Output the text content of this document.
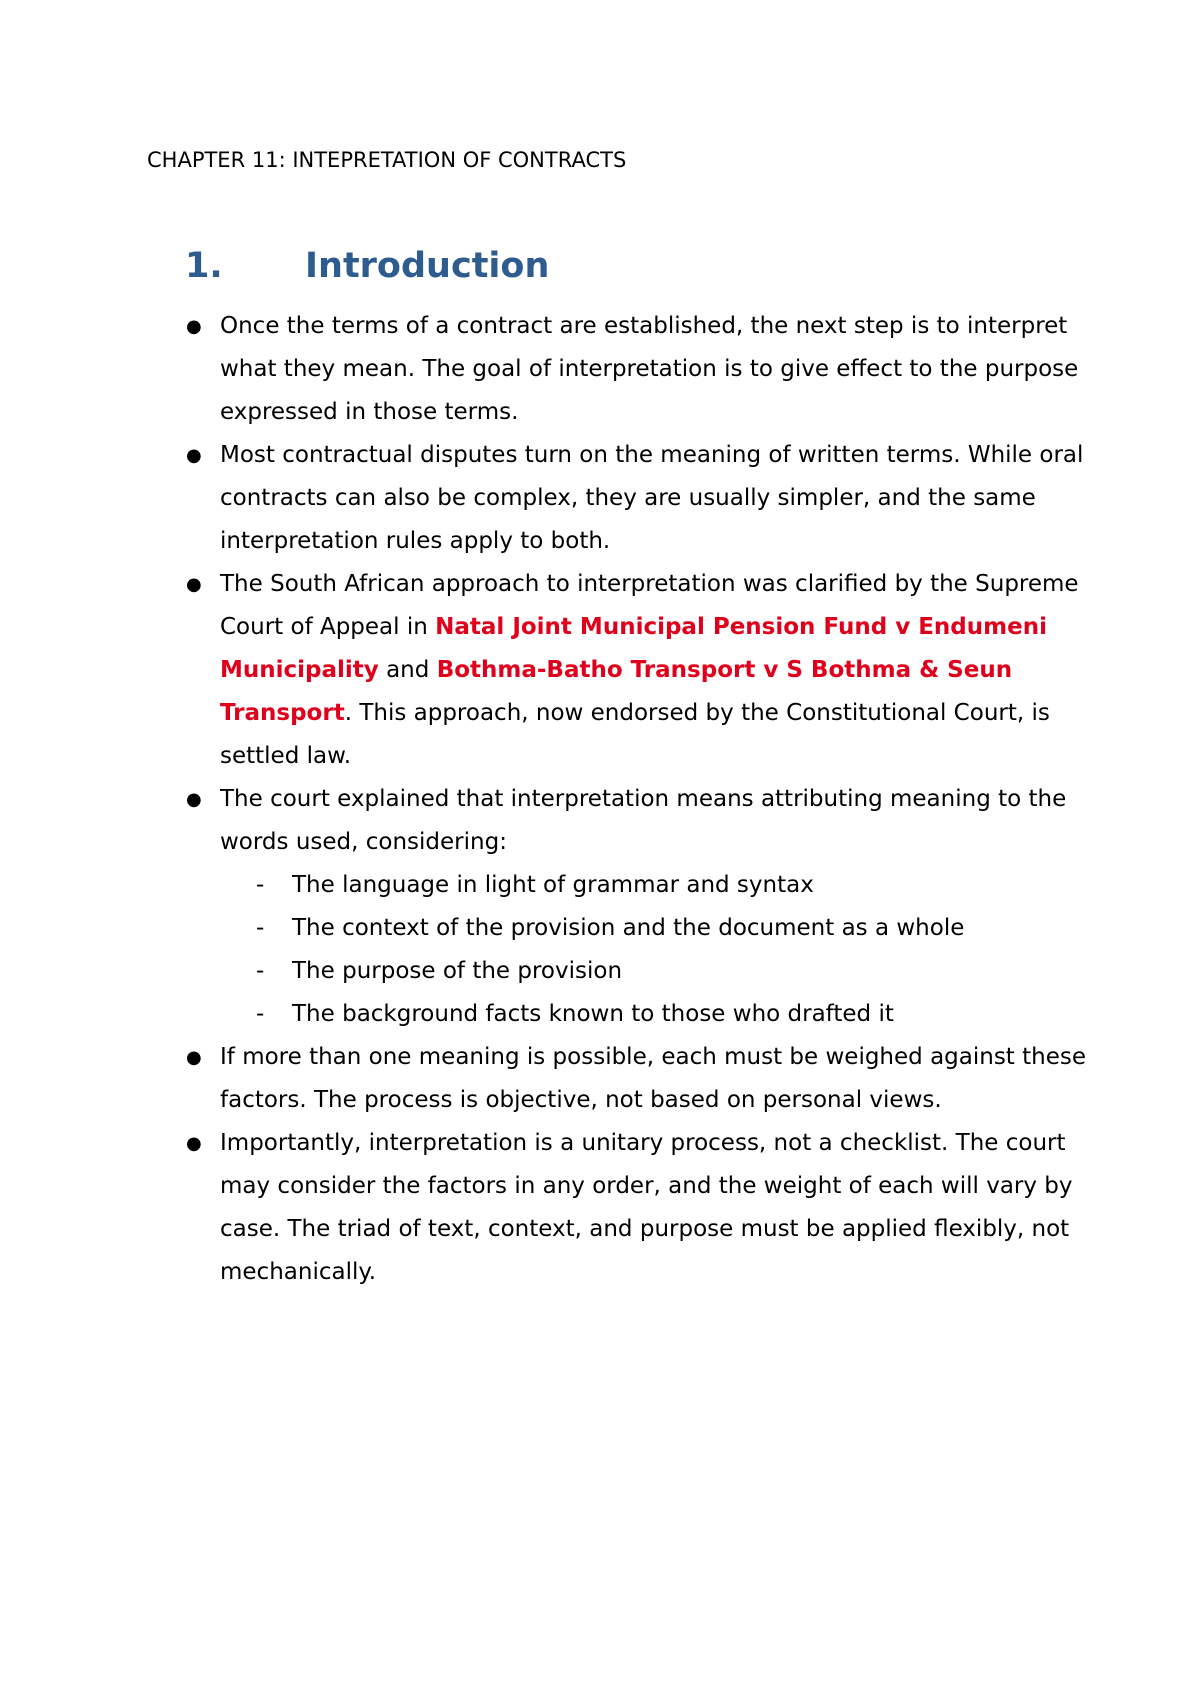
CHAPTER 11: INTEPRETATION OF CONTRACTS
1. Introduction
● Once the terms of a contract are established, the next step is to interpret what they mean. The goal of interpretation is to give effect to the purpose expressed in those terms.
● Most contractual disputes turn on the meaning of written terms. While oral contracts can also be complex, they are usually simpler, and the same interpretation rules apply to both.
● The South African approach to interpretation was clarified by the Supreme Court of Appeal in Natal Joint Municipal Pension Fund v Endumeni Municipality and Bothma-Batho Transport v S Bothma & Seun Transport. This approach, now endorsed by the Constitutional Court, is settled law.
● The court explained that interpretation means attributing meaning to the words used, considering:
- The language in light of grammar and syntax
- The context of the provision and the document as a whole
- The purpose of the provision
- The background facts known to those who drafted it
● If more than one meaning is possible, each must be weighed against these factors. The process is objective, not based on personal views.
● Importantly, interpretation is a unitary process, not a checklist. The court may consider the factors in any order, and the weight of each will vary by case. The triad of text, context, and purpose must be applied flexibly, not mechanically.
